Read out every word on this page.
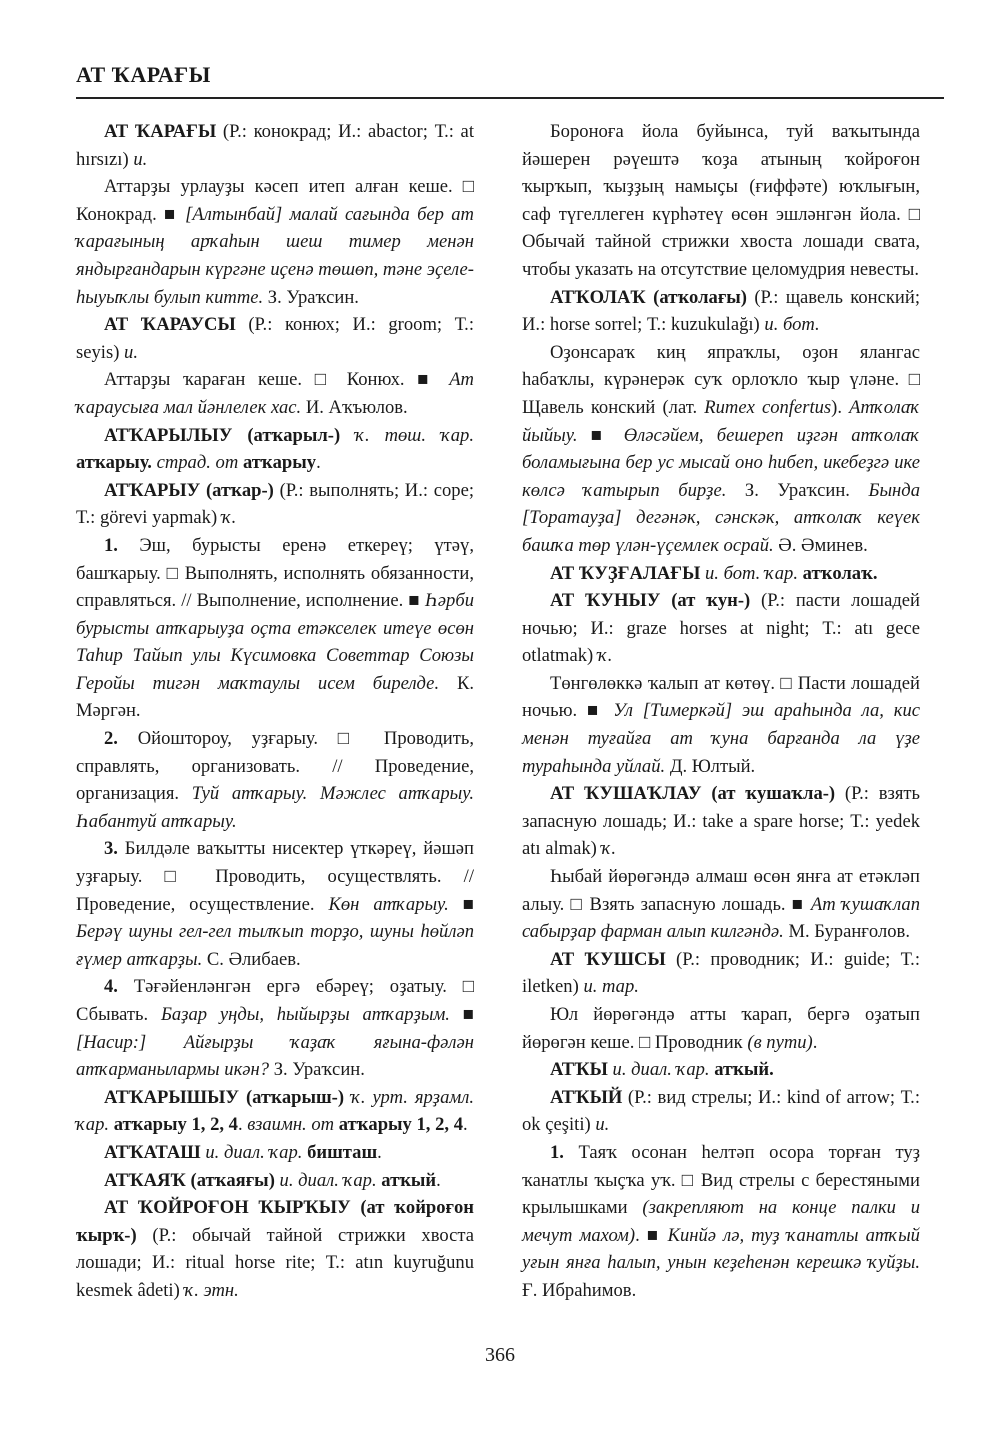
АТ ҠАРАҒЫ

АТ ҠАРАҒЫ (Р.: конокрад; И.: abactor; Т.: at hırsızı) и.

Аттарҙы урлауҙы кәсеп итеп алған кеше. □ Конокрад. ■ [Алтынбай] малай сағында бер ат ҡарағының арҡаһын шеш тимер менән яндырғандарын күргәне иҫенә төшөп, тәне эҫеле-һыуыҡлы булып китте. З. Ураҡсин.

АТ ҠАРАУСЫ (Р.: конюх; И.: groom; Т.: seyis) и.

Аттарҙы ҡараған кеше. □ Конюх. ■ Ат ҡараусыға мал йәнлелек хас. И. Аҡъюлов.

АТҠАРЫЛЫУ (атҡарыл-) ҡ. төш. ҡар. атҡарыу. страд. от атҡарыу.

АТҠАРЫУ (атҡар-) (Р.: выполнять; И.: cope; Т.: görevi yapmak) ҡ.

1. Эш, бурысты еренә еткереү; үтәү, башҡарыу. □ Выполнять, исполнять обязанности, справляться. // Выполнение, исполнение. ■ Һәрби бурысты атҡарыуҙа оҫта етәкселек итеүе өсөн Таһир Тайып улы Күсимовка Советтар Союзы Геройы тигән маҡтаулы исем бирелде. К. Мәргән.

2. Ойоштороу, уҙғарыу. □ Проводить, справлять, организовать. // Проведение, организация. Туй атҡарыу. Мәжлес атҡарыу. Һабантуй атҡарыу.

3. Билдәле ваҡытты нисектер үткәреү, йәшәп уҙғарыу. □ Проводить, осуществлять. // Проведение, осуществление. Көн атҡарыу. ■ Берәү шуны гел-гел тылҡып торҙо, шуны һөйләп ғүмер атҡарҙы. С. Әлибаев.

4. Тәғәйенләнгән ергә ебәреү; оҙатыу. □ Сбывать. Баҙар уңды, һыйырҙы атҡарҙым. ■ [Насир:] Айғырҙы ҡаҙаҡ яғына-фәлән атҡарманылармы икән? З. Ураҡсин.

АТҠАРЫШЫУ (атҡарыш-) ҡ. урт. ярҙамл. ҡар. атҡарыу 1, 2, 4. взаимн. от атҡарыу 1, 2, 4.

АТҠАТАШ и. диал. ҡар. бишташ.

АТҠАЯҠ (атҡаяғы) и. диал. ҡар. атҡый.

АТ ҠОЙРОҒОН ҠЫРҠЫУ (ат ҡойроғон ҡырҡ-) (Р.: обычай тайной стрижки хвоста лошади; И.: ritual horse rite; Т.: atın kuyruğunu kesmek âdeti) ҡ. этн.

Бороноға йола буйынса, туй ваҡытында йәшерен рәүештә ҡоҙа атының ҡойроғон ҡырҡып, ҡыҙҙың намыҫы (ғиффәте) юҡлығын, саф түгеллеген күрһәтеү өсөн эшләнгән йола. □ Обычай тайной стрижки хвоста лошади свата, чтобы указать на отсутствие целомудрия невесты.

АТҠОЛАҠ (атҡолағы) (Р.: щавель конский; И.: horse sorrel; Т.: kuzukulağı) и. бот.

Оҙонсараҡ киң япраҡлы, оҙон ялангас һабаҡлы, күрәнерәк суҡ орлоҡло ҡыр үләне. □ Щавель конский (лат. Rumex confertus). Атҡолаҡ йыйыу. ■ Өләсәйем, бешереп иҙгән атҡолаҡ боламығына бер ус мысай оно һибеп, икебеҙгә ике көлсә ҡатырып бирҙе. З. Ураҡсин. Бында [Торатауҙа] дегәнәк, сәнскәк, атҡолаҡ кеүек башҡа төр үлән-үҫемлек осрай. Ә. Әминев.

АТ ҠУҘҒАЛАҒЫ и. бот. ҡар. атҡолаҡ.

АТ ҠУНЫУ (ат ҡун-) (Р.: пасти лошадей ночью; И.: graze horses at night; Т.: atı gece otlatmak) ҡ.

Төнгөлөккә ҡалып ат көтөү. □ Пасти лошадей ночью. ■ Ул [Тимеркәй] эш араһында ла, кис менән туғайға ат ҡуна барғанда ла үҙе тураһында уйлай. Д. Юлтый.

АТ ҠУШАҠЛАУ (ат ҡушаҡла-) (Р.: взять запасную лошадь; И.: take a spare horse; Т.: yedek atı almak) ҡ.

Һыбай йөрөгәндә алмаш өсөн янға ат етәкләп алыу. □ Взять запасную лошадь. ■ Ат ҡушаҡлап сабырҙар фарман алып килгәндә. М. Буранғолов.

АТ ҠУШСЫ (Р.: проводник; И.: guide; Т.: iletken) и. тар.

Юл йөрөгәндә атты ҡарап, бергә оҙатып йөрөгән кеше. □ Проводник (в пути).

АТҠЫ и. диал. ҡар. атҡый.

АТҠЫЙ (Р.: вид стрелы; И.: kind of arrow; Т.: ok çeşiti) и.

1. Таяҡ осонан һелтәп осора торған туҙ ҡанатлы ҡыҫҡа уҡ. □ Вид стрелы с берестяными крылышками (закрепляют на конце палки и мечут махом). ■ Кинйә лә, туҙ ҡанатлы атҡый уғын янға һалып, унын кеҙеһенән керешкә ҡуйҙы. Ғ. Ибраһимов.

366
